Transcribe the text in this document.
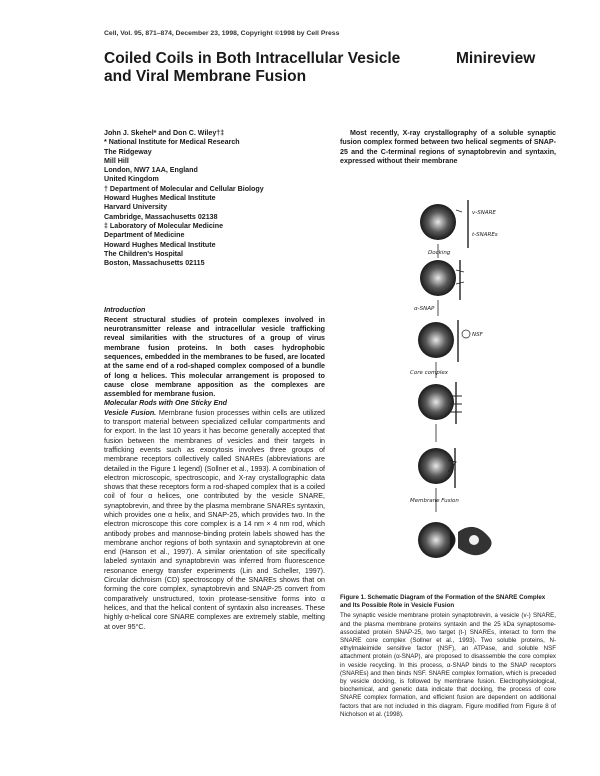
Cell, Vol. 95, 871–874, December 23, 1998, Copyright ©1998 by Cell Press
Coiled Coils in Both Intracellular Vesicle and Viral Membrane Fusion
Minireview

John J. Skehel* and Don C. Wiley†‡

* National Institute for Medical Research
The Ridgeway
Mill Hill
London, NW7 1AA, England
United Kingdom
† Department of Molecular and Cellular Biology
Howard Hughes Medical Institute
Harvard University
Cambridge, Massachusetts 02138
‡ Laboratory of Molecular Medicine
Department of Medicine
Howard Hughes Medical Institute
The Children's Hospital
Boston, Massachusetts 02115
Introduction

Recent structural studies of protein complexes involved in neurotransmitter release and intracellular vesicle trafficking reveal similarities with the structures of a group of virus membrane fusion proteins. In both cases hydrophobic sequences, embedded in the membranes to be fused, are located at the same end of a rod-shaped complex composed of a bundle of long α helices. This molecular arrangement is proposed to cause close membrane apposition as the complexes are assembled for membrane fusion.

Molecular Rods with One Sticky End

Vesicle Fusion. Membrane fusion processes within cells are utilized to transport material between specialized cellular compartments and for export. In the last 10 years it has become generally accepted that fusion between the membranes of vesicles and their targets in trafficking events such as exocytosis involves three groups of membrane receptors collectively called SNAREs (abbreviations are detailed in the Figure 1 legend) (Sollner et al., 1993). A combination of electron microscopic, spectroscopic, and X-ray crystallographic data shows that these receptors form a rod-shaped complex that is a coiled coil of four α helices, one contributed by the vesicle SNARE, synaptobrevin, and three by the plasma membrane SNAREs syntaxin, which provides one α helix, and SNAP-25, which provides two. In the electron microscope this core complex is a 14 nm × 4 nm rod, which antibody probes and mannose-binding protein labels showed has the membrane anchor regions of both syntaxin and synaptobrevin at one end (Hanson et al., 1997). A similar orientation of site specifically labeled syntaxin and synaptobrevin was inferred from fluorescence resonance energy transfer experiments (Lin and Scheller, 1997). Circular dichroism (CD) spectroscopy of the SNAREs shows that on forming the core complex, synaptobrevin and SNAP-25 convert from comparatively unstructured, toxin protease-sensitive forms into α helices, and that the helical content of syntaxin also increases. These highly α-helical core SNARE complexes are extremely stable, melting at over 95°C.

Most recently, X-ray crystallography of a soluble synaptic fusion complex formed between two helical segments of SNAP-25 and the C-terminal regions of synaptobrevin and syntaxin, expressed without their membrane

v-SNARE
t-SNAREs
Docking
α-SNAP
NSF
Core complex
Membrane Fusion

Figure 1. Schematic Diagram of the Formation of the SNARE Complex and Its Possible Role in Vesicle Fusion

The synaptic vesicle membrane protein synaptobrevin, a vesicle (v-) SNARE, and the plasma membrane proteins syntaxin and the 25 kDa synaptosome-associated protein SNAP-25, two target (t-) SNAREs, interact to form the SNARE core complex (Sollner et al., 1993). Two soluble proteins, N-ethylmaleimide sensitive factor (NSF), an ATPase, and soluble NSF attachment protein (α-SNAP), are proposed to disassemble the core complex in vesicle recycling. In this process, α-SNAP binds to the SNAP receptors (SNAREs) and then binds NSF. SNARE complex formation, which is preceded by vesicle docking, is followed by membrane fusion. Electrophysiological, biochemical, and genetic data indicate that docking, the process of core SNARE complex formation, and efficient fusion are dependent on additional factors that are not included in this diagram. Figure modified from Figure 8 of Nicholson et al. (1998).
